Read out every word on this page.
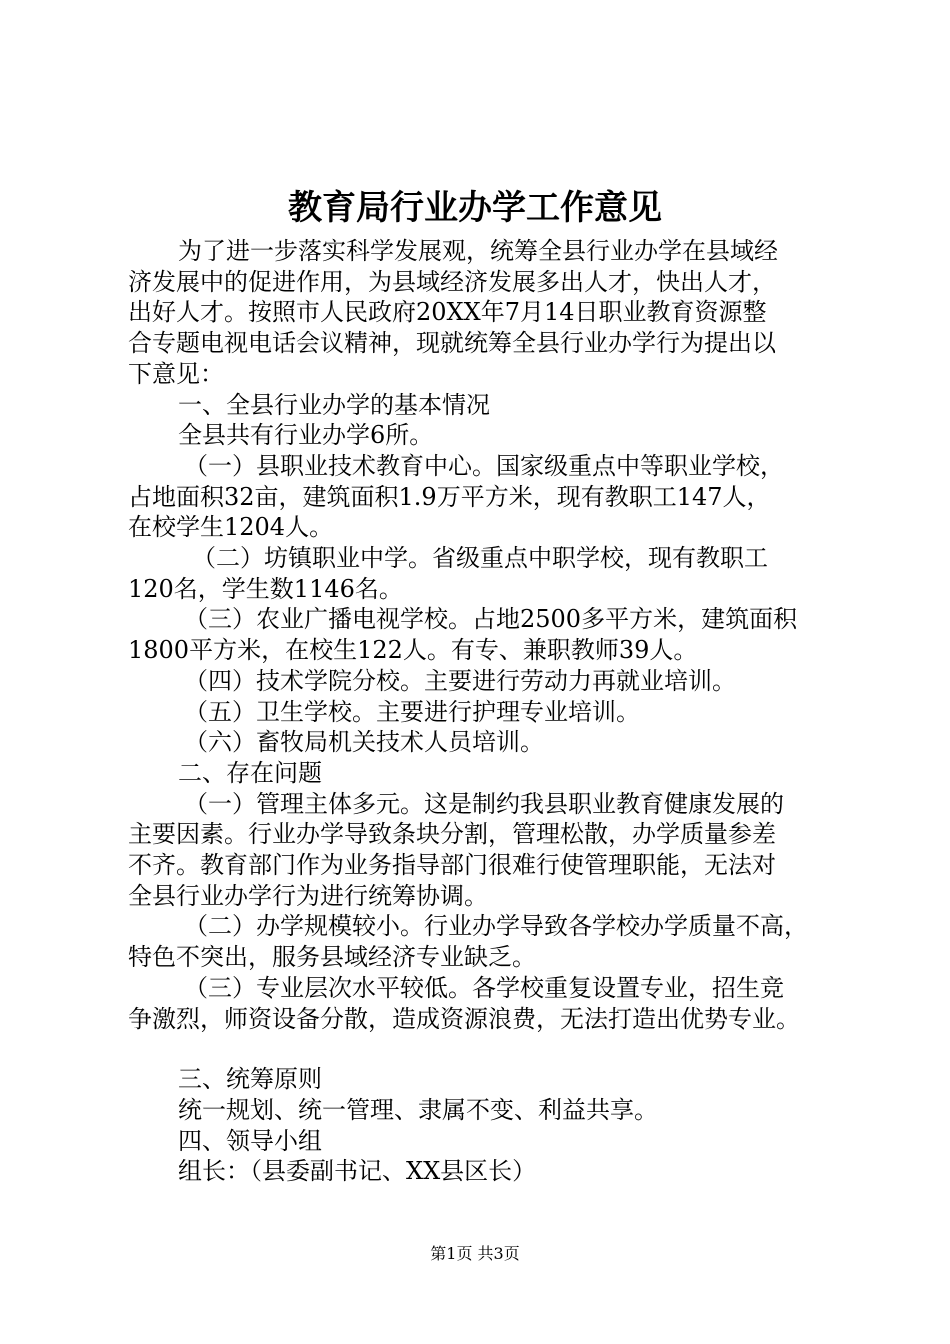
教育局行业办学工作意见

为了进一步落实科学发展观，统筹全县行业办学在县域经

济发展中的促进作用，为县域经济发展多出人才，快出人才，

出好人才。按照市人民政府20XX年7月14日职业教育资源整

合专题电视电话会议精神，现就统筹全县行业办学行为提出以

下意见：

一、全县行业办学的基本情况

全县共有行业办学6所。

（一）县职业技术教育中心。国家级重点中等职业学校，

占地面积32亩，建筑面积1.9万平方米，现有教职工147人，

在校学生1204人。

（二）坊镇职业中学。省级重点中职学校，现有教职工

120名，学生数1146名。

（三）农业广播电视学校。占地2500多平方米，建筑面积

1800平方米，在校生122人。有专、兼职教师39人。

（四）技术学院分校。主要进行劳动力再就业培训。

（五）卫生学校。主要进行护理专业培训。

（六）畜牧局机关技术人员培训。

二、存在问题

（一）管理主体多元。这是制约我县职业教育健康发展的

主要因素。行业办学导致条块分割，管理松散，办学质量参差

不齐。教育部门作为业务指导部门很难行使管理职能，无法对

全县行业办学行为进行统筹协调。

（二）办学规模较小。行业办学导致各学校办学质量不高，

特色不突出，服务县域经济专业缺乏。

（三）专业层次水平较低。各学校重复设置专业，招生竞

争激烈，师资设备分散，造成资源浪费，无法打造出优势专业。

三、统筹原则

统一规划、统一管理、隶属不变、利益共享。

四、领导小组

组长：（县委副书记、XX县区长）

第1页 共3页
